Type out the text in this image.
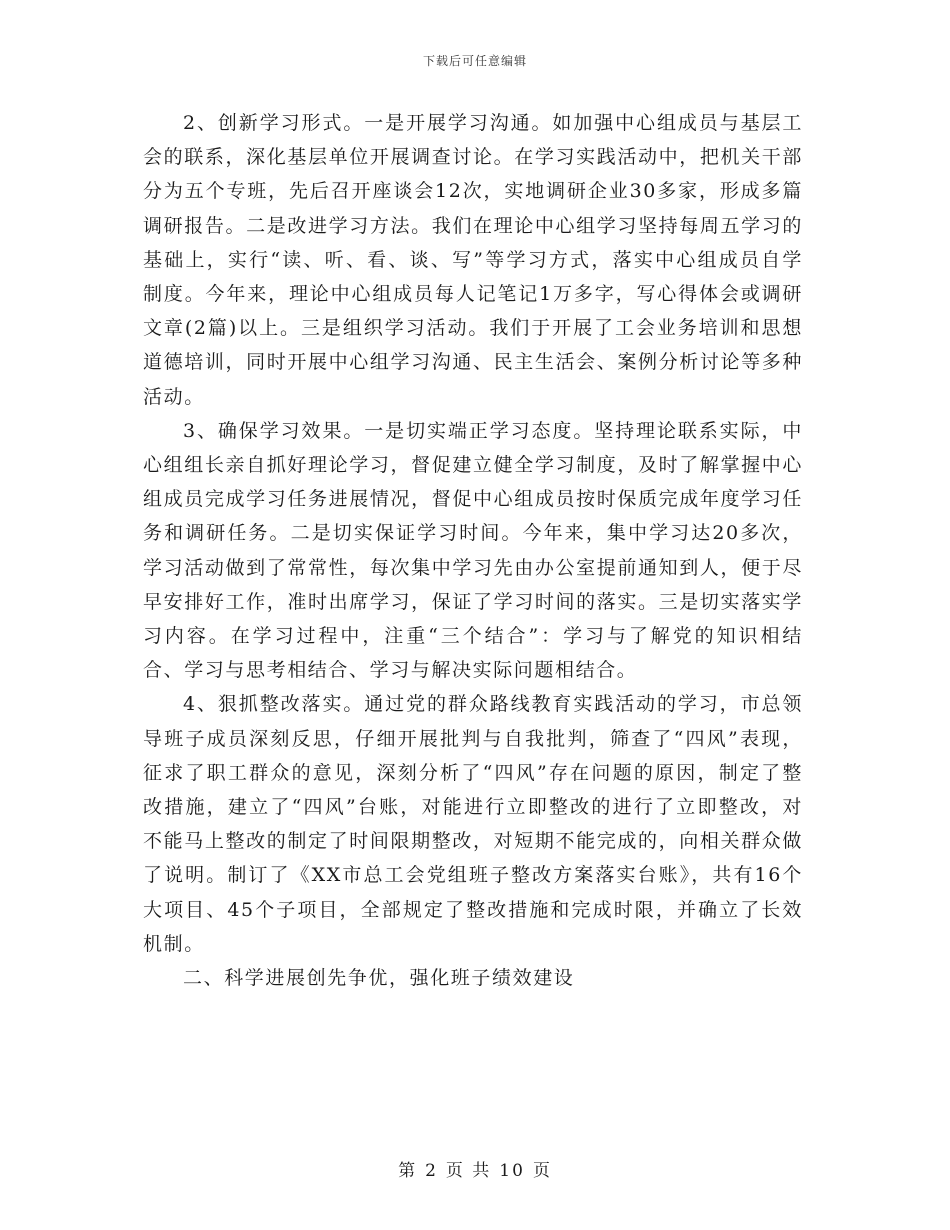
下载后可任意编辑

2、创新学习形式。一是开展学习沟通。如加强中心组成员与基层工会的联系，深化基层单位开展调查讨论。在学习实践活动中，把机关干部分为五个专班，先后召开座谈会12次，实地调研企业30多家，形成多篇调研报告。二是改进学习方法。我们在理论中心组学习坚持每周五学习的基础上，实行“读、听、看、谈、写”等学习方式，落实中心组成员自学制度。今年来，理论中心组成员每人记笔记1万多字，写心得体会或调研文章(2篇)以上。三是组织学习活动。我们于开展了工会业务培训和思想道德培训，同时开展中心组学习沟通、民主生活会、案例分析讨论等多种活动。

3、确保学习效果。一是切实端正学习态度。坚持理论联系实际，中心组组长亲自抓好理论学习，督促建立健全学习制度，及时了解掌握中心组成员完成学习任务进展情况，督促中心组成员按时保质完成年度学习任务和调研任务。二是切实保证学习时间。今年来，集中学习达20多次，学习活动做到了常常性，每次集中学习先由办公室提前通知到人，便于尽早安排好工作，准时出席学习，保证了学习时间的落实。三是切实落实学习内容。在学习过程中，注重“三个结合”：学习与了解党的知识相结合、学习与思考相结合、学习与解决实际问题相结合。

4、狠抓整改落实。通过党的群众路线教育实践活动的学习，市总领导班子成员深刻反思，仔细开展批判与自我批判，筛查了“四风”表现，征求了职工群众的意见，深刻分析了“四风”存在问题的原因，制定了整改措施，建立了“四风”台账，对能进行立即整改的进行了立即整改，对不能马上整改的制定了时间限期整改，对短期不能完成的，向相关群众做了说明。制订了《XX市总工会党组班子整改方案落实台账》，共有16个大项目、45个子项目，全部规定了整改措施和完成时限，并确立了长效机制。

二、科学进展创先争优，强化班子绩效建设

第 2 页 共 10 页
